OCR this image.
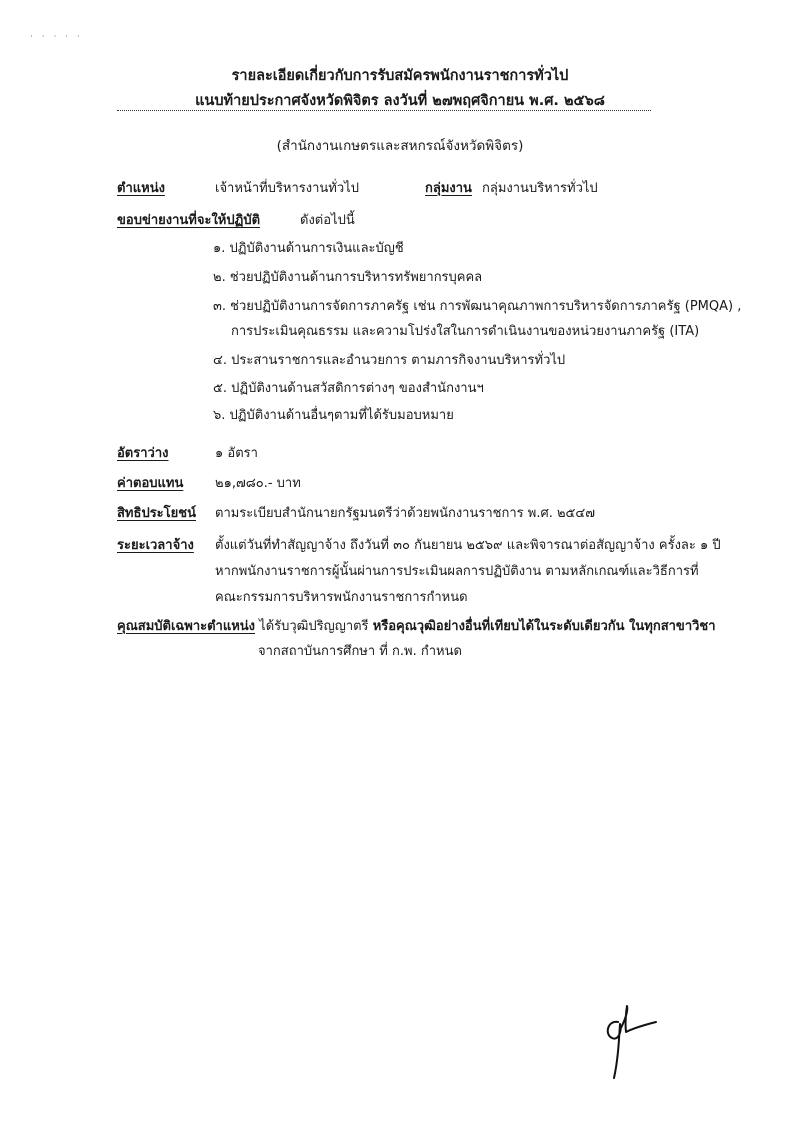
· · · · ·
รายละเอียดเกี่ยวกับการรับสมัครพนักงานราชการทั่วไป
แนบท้ายประกาศจังหวัดพิจิตร ลงวันที่ ๒๗พฤศจิกายน พ.ศ. ๒๕๖๘
(สำนักงานเกษตรและสหกรณ์จังหวัดพิจิตร)
ตำแหน่ง	เจ้าหน้าที่บริหารงานทั่วไป	กลุ่มงาน กลุ่มงานบริหารทั่วไป
ขอบข่ายงานที่จะให้ปฏิบัติ	ดังต่อไปนี้
๑. ปฏิบัติงานด้านการเงินและบัญชี
๒. ช่วยปฏิบัติงานด้านการบริหารทรัพยากรบุคคล
๓. ช่วยปฏิบัติงานการจัดการภาครัฐ เช่น การพัฒนาคุณภาพการบริหารจัดการภาครัฐ (PMQA) ,
การประเมินคุณธรรม และความโปร่งใสในการดำเนินงานของหน่วยงานภาครัฐ (ITA)
๔. ประสานราชการและอำนวยการ ตามภารกิจงานบริหารทั่วไป
๕. ปฏิบัติงานด้านสวัสดิการต่างๆ ของสำนักงานฯ
๖. ปฏิบัติงานด้านอื่นๆตามที่ได้รับมอบหมาย
อัตราว่าง	๑ อัตรา
ค่าตอบแทน ๒๑,๗๘๐.- บาท
สิทธิประโยชน์ ตามระเบียบสำนักนายกรัฐมนตรีว่าด้วยพนักงานราชการ พ.ศ. ๒๕๔๗
ระยะเวลาจ้าง ตั้งแต่วันที่ทำสัญญาจ้าง ถึงวันที่ ๓๐ กันยายน ๒๕๖๙ และพิจารณาต่อสัญญาจ้าง ครั้งละ ๑ ปี
หากพนักงานราชการผู้นั้นผ่านการประเมินผลการปฏิบัติงาน ตามหลักเกณฑ์และวิธีการที่
คณะกรรมการบริหารพนักงานราชการกำหนด
คุณสมบัติเฉพาะตำแหน่ง ได้รับวุฒิปริญญาตรี หรือคุณวุฒิอย่างอื่นที่เทียบได้ในระดับเดียวกัน ในทุกสาขาวิชา
จากสถาบันการศึกษา ที่ ก.พ. กำหนด
